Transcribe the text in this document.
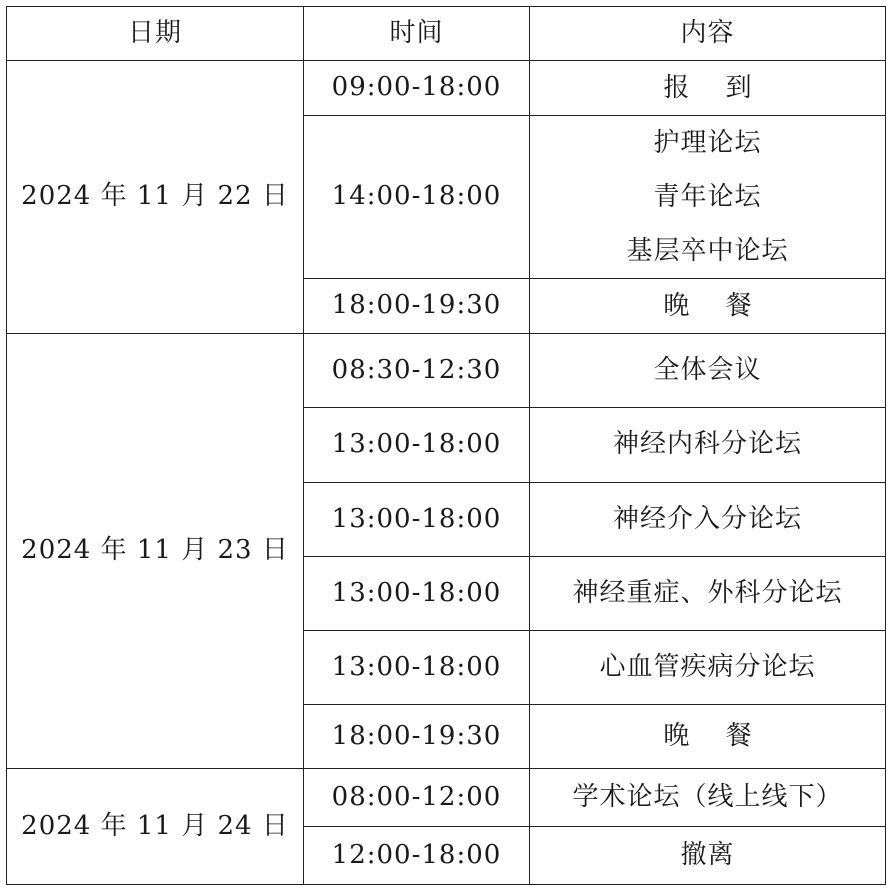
日期	时间	内容
2024 年 11 月 22 日	09:00-18:00	报 到

	14:00-18:00	护理论坛
青年论坛
基层卒中论坛

	18:00-19:30	晚 餐

2024 年 11 月 23 日	08:30-12:30	全体会议
	13:00-18:00	神经内科分论坛
	13:00-18:00	神经介入分论坛
	13:00-18:00	神经重症、外科分论坛
	13:00-18:00	心血管疾病分论坛
	18:00-19:30	晚 餐
2024 年 11 月 24 日	08:00-12:00	学术论坛（线上线下）
	12:00-18:00	撤离
